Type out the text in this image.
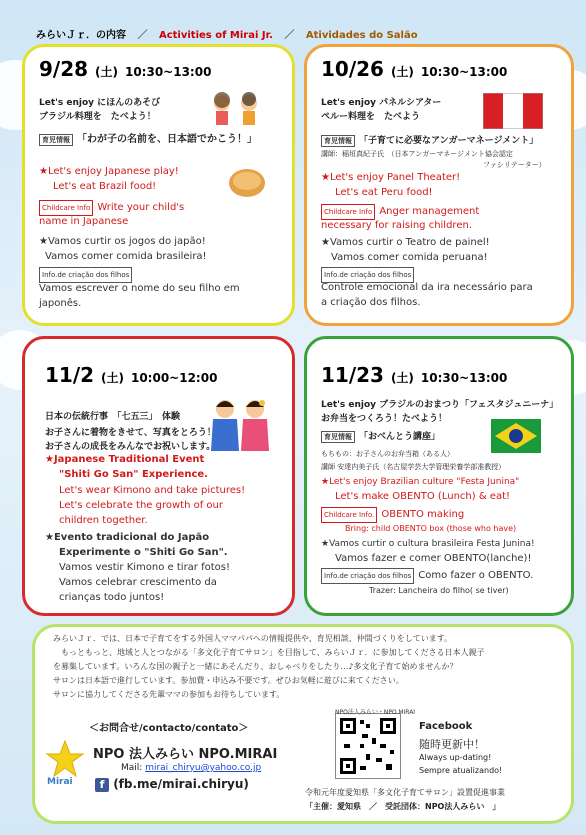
みらいＪｒ．の内容 ／ Activities of Mirai Jr. ／ Atividades do Salão
9/28 (土) 10:30~13:00
Let's enjoy にほんのあそび
ブラジル料理を　たべよう！
育児情報 「わが子の名前を、日本語でかこう！」
★Let's enjoy Japanese play!
Let's eat Brazil food!
Childcare Info Write your child's
name in Japanese
★Vamos curtir os jogos do japão!
Vamos comer comida brasileira!
Info.de criação dos filhos
Vamos escrever o nome do seu filho em
japonês.
10/26 (土) 10:30~13:00
Let's enjoy パネルシアター
ペルー料理を　たべよう
育児情報 「子育てに必要なアンガーマネージメント」
講師：稲垣真紀子氏　（日本アンガーマネージメント協会認定
ファシリテーター）
★Let's enjoy Panel Theater!
Let's eat Peru food!
Childcare Info Anger management
necessary for raising children.
★Vamos curtir o Teatro de painel!
Vamos comer comida peruana!
Info.de criação dos filhos
Controle emocional da ira necessário para
a criação dos filhos.
11/2 (土) 10:00~12:00
日本の伝統行事　「七五三」　体験
お子さんに着物をきせて、写真をとろう！
お子さんの成長をみんなでお祝いします。
★Japanese Traditional Event
"Shiti Go San" Experience.
Let's wear Kimono and take pictures!
Let's celebrate the growth of our
children together.
★Evento tradicional do Japão
Experimente o "Shiti Go San".
Vamos vestir Kimono e tirar fotos!
Vamos celebrar crescimento da
crianças todo juntos!
11/23 (土) 10:30~13:00
Let's enjoy ブラジルのおまつり「フェスタジュニーナ」
お弁当をつくろう！たべよう！
育児情報 「おべんとう講座」
もちもの：お子さんのお弁当箱（ある人）
講師 安達内美子氏（名古屋学芸大学管理栄養学部准教授）
★Let's enjoy Brazilian culture "Festa Junina"
Let's make OBENTO (Lunch) & eat!
Childcare Info. OBENTO making
Bring: child OBENTO box (those who have)
★Vamos curtir o cultura brasileira Festa Junina!
Vamos fazer e comer OBENTO(lanche)!
Info.de criação dos filhos Como fazer o OBENTO.
Trazer: Lancheira do filho( se tiver)
みらいＪｒ．では、日本で子育てをする外国人ママパパへの情報提供や、育児相談、仲間づくりをしています。
もっともっと、地域と人とつながる「多文化子育てサロン」を目指して、みらいＪｒ．に参加してくださる日本人親子
を募集しています。いろんな国の親子と一緒にあそんだり、おしゃべりをしたり…♪多文化子育て始めませんか？
サロンは日本語で進行しています。参加費・申込み不要です。ぜひお気軽に遊びに来てください。
サロンに協力してくださる先輩ママの参加もお待ちしています。
＜お問合せ/contacto/contato＞
Mirai
NPO 法人みらい NPO.MIRAI
Mail: mirai_chiryu@yahoo.co.jp
f (fb.me/mirai.chiryu)
NPO法人みらい・NPO.MIRAI
Facebook
随時更新中！
Always up-dating!
Sempre atualizando!
令和元年度愛知県「多文化子育てサロン」設置促進事業
「主催：愛知県　／　受託団体：NPO法人みらい　」
